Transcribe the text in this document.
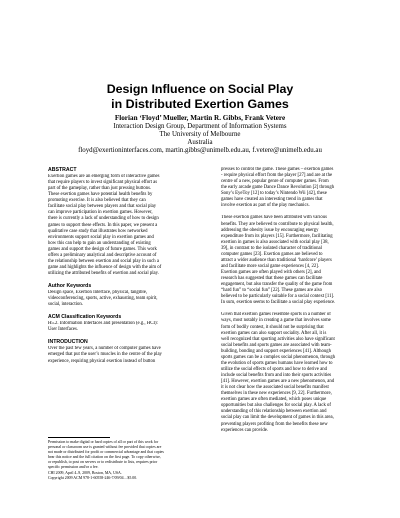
Design Influence on Social Play
in Distributed Exertion Games
Florian ‘Floyd’ Mueller, Martin R. Gibbs, Frank Vetere
Interaction Design Group, Department of Information Systems
The University of Melbourne
Australia
floyd@exertioninterfaces.com, martin.gibbs@unimelb.edu.au, f.vetere@unimelb.edu.au

ABSTRACT

Exertion games are an emerging form of interactive games
that require players to invest significant physical effort as
part of the gameplay, rather than just pressing buttons.
These exertion games have potential health benefits by
promoting exercise. It is also believed that they can
facilitate social play between players and that social play
can improve participation in exertion games. However,
there is currently a lack of understanding of how to design
games to support these effects. In this paper, we present a
qualitative case study that illustrates how networked
environments support social play in exertion games and
how this can help to gain an understanding of existing
games and support the design of future games. This work
offers a preliminary analytical and descriptive account of
the relationship between exertion and social play in such a
game and highlights the influence of design with the aim of
utilizing the attributed benefits of exertion and social play.

Author Keywords

Design space, Exertion Interface, physical, tangible,
videoconferencing, sports, active, exhausting, team spirit,
social, interaction.

ACM Classification Keywords

H5.2. Information Interfaces and presentation (e.g., HCI):
User Interfaces.

INTRODUCTION

Over the past few years, a number of computer games have
emerged that put the user’s muscles in the centre of the play
experience, requiring physical exertion instead of button
Permission to make digital or hard copies of all or part of this work for
personal or classroom use is granted without fee provided that copies are
not made or distributed for profit or commercial advantage and that copies
bear this notice and the full citation on the first page. To copy otherwise,
or republish, to post on servers or to redistribute to lists, requires prior
specific permission and/or a fee.
CHI 2009, April 4–9, 2009, Boston, MA, USA.
Copyright 2009 ACM 978-1-60558-246-7/09/04…$5.00.
presses to control the game. These games – exertion games
- require physical effort from the player [27] and are at the
centre of a new, popular genre of computer games. From
the early arcade game Dance Dance Revolution [2] through
Sony’s EyeToy [12] to today’s Nintendo Wii [42], these
games have created an interesting trend in games that
involve exertion as part of the play mechanics.
These exertion games have been attributed with various
benefits. They are believed to contribute to physical health,
addressing the obesity issue by encouraging energy
expenditure from its players [15]. Furthermore, facilitating
exertion in games is also associated with social play [38,
39], in contrast to the isolated character of traditional
computer games [23]. Exertion games are believed to
attract a wider audience than traditional ‘hardcore’ players
and facilitate more social game experiences [4, 22].
Exertion games are often played with others [2], and
research has suggested that these games can facilitate
engagement, but also transfer the quality of the game from
“hard fun” to “social fun” [22]. These games are also
believed to be particularly suitable for a social context [11].
In sum, exertion seems to facilitate a social play experience.
Given that exertion games resemble sports in a number of
ways, most notably in creating a game that involves some
form of bodily contest, it should not be surprising that
exertion games can also support sociality. After all, it is
well recognized that sporting activities also have significant
social benefits and sports games are associated with team-
building, bonding and support experiences [41]. Although
sports games can be a complex social phenomenon, through
the evolution of sports games humans have learned how to
utilize the social effects of sports and how to derive and
include social benefits from and into their sports activities
[41]. However, exertion games are a new phenomenon, and
it is not clear how the associated social benefits manifest
themselves in these new experiences [9, 22]. Furthermore,
exertion games are often mediated, which poses unique
opportunities but also challenges for social play. A lack of
understanding of this relationship between exertion and
social play can limit the development of games in this area,
preventing players profiting from the benefits these new
experiences can provide.
